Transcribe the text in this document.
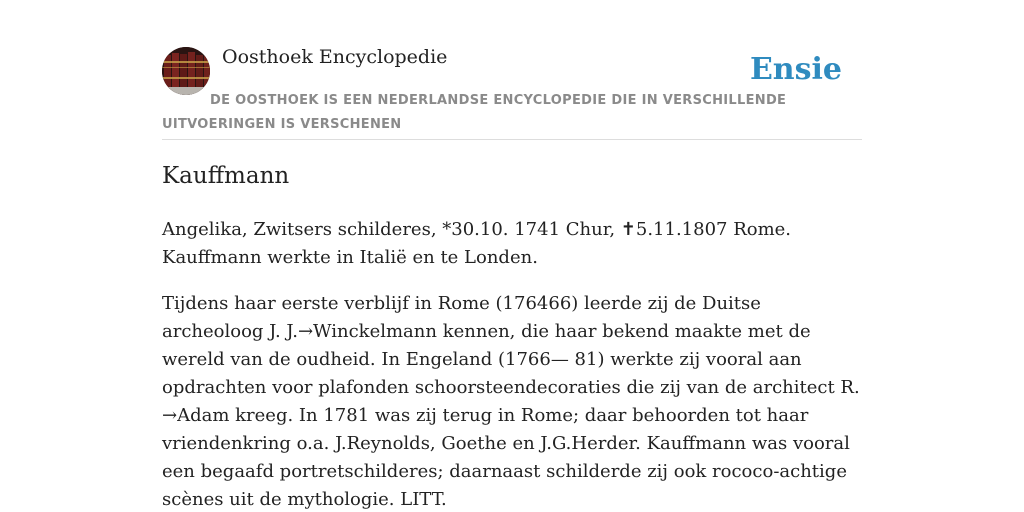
Oosthoek Encyclopedie	Ensie
DE OOSTHOEK IS EEN NEDERLANDSE ENCYCLOPEDIE DIE IN VERSCHILLENDE UITVOERINGEN IS VERSCHENEN
Kauffmann

Angelika, Zwitsers schilderes, *30.10. 1741 Chur, ✝5.11.1807 Rome. Kauffmann werkte in Italië en te Londen.

Tijdens haar eerste verblijf in Rome (176466) leerde zij de Duitse archeoloog J. J.→Winckelmann kennen, die haar bekend maakte met de wereld van de oudheid. In Engeland (1766— 81) werkte zij vooral aan opdrachten voor plafonden schoorsteendecoraties die zij van de architect R. →Adam kreeg. In 1781 was zij terug in Rome; daar behoorden tot haar vriendenkring o.a. J.Reynolds, Goethe en J.G.Herder. Kauffmann was vooral een begaafd portretschilderes; daarnaast schilderde zij ook rococo-achtige scènes uit de mythologie. LITT.
